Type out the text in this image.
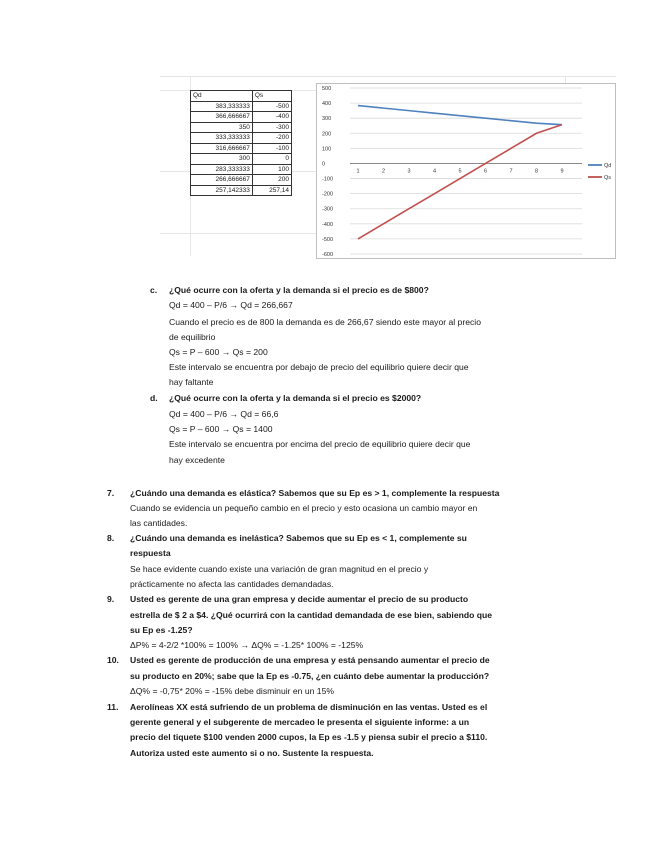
Qd	Qs
383,333333	-500
366,666667	-400
350	-300
333,333333	-200
316,666667	-100
300	0
283,333333	100
266,666667	200
257,142333	257,14
500
400
300
200
100
0
-100
-200
-300
-400
-500
-600
1	2	3	4	5	6	7	8	9
Qd
Qs
c. ¿Qué ocurre con la oferta y la demanda si el precio es de $800?
Qd = 400 – P/6 → Qd = 266,667
Cuando el precio es de 800 la demanda es de 266,67 siendo este mayor al precio
de equilibrio
Qs = P – 600 → Qs = 200
Este intervalo se encuentra por debajo de precio del equilibrio quiere decir que
hay faltante
d. ¿Qué ocurre con la oferta y la demanda si el precio es $2000?
Qd = 400 – P/6 → Qd = 66,6
Qs = P – 600 → Qs = 1400
Este intervalo se encuentra por encima del precio de equilibrio quiere decir que
hay excedente
7. ¿Cuándo una demanda es elástica? Sabemos que su Ep es > 1, complemente la respuesta
Cuando se evidencia un pequeño cambio en el precio y esto ocasiona un cambio mayor en
las cantidades.
8. ¿Cuándo una demanda es inelástica? Sabemos que su Ep es < 1, complemente su
respuesta
Se hace evidente cuando existe una variación de gran magnitud en el precio y
prácticamente no afecta las cantidades demandadas.
9. Usted es gerente de una gran empresa y decide aumentar el precio de su producto
estrella de $ 2 a $4. ¿Qué ocurrirá con la cantidad demandada de ese bien, sabiendo que
su Ep es -1.25?
ΔP% = 4-2/2 *100% = 100% → ΔQ% = -1.25* 100% = -125%
10. Usted es gerente de producción de una empresa y está pensando aumentar el precio de
su producto en 20%; sabe que la Ep es -0.75, ¿en cuánto debe aumentar la producción?
ΔQ% = -0,75* 20% = -15% debe disminuir en un 15%
11. Aerolíneas XX está sufriendo de un problema de disminución en las ventas. Usted es el
gerente general y el subgerente de mercadeo le presenta el siguiente informe: a un
precio del tiquete $100 venden 2000 cupos, la Ep es -1.5 y piensa subir el precio a $110.
Autoriza usted este aumento si o no. Sustente la respuesta.
